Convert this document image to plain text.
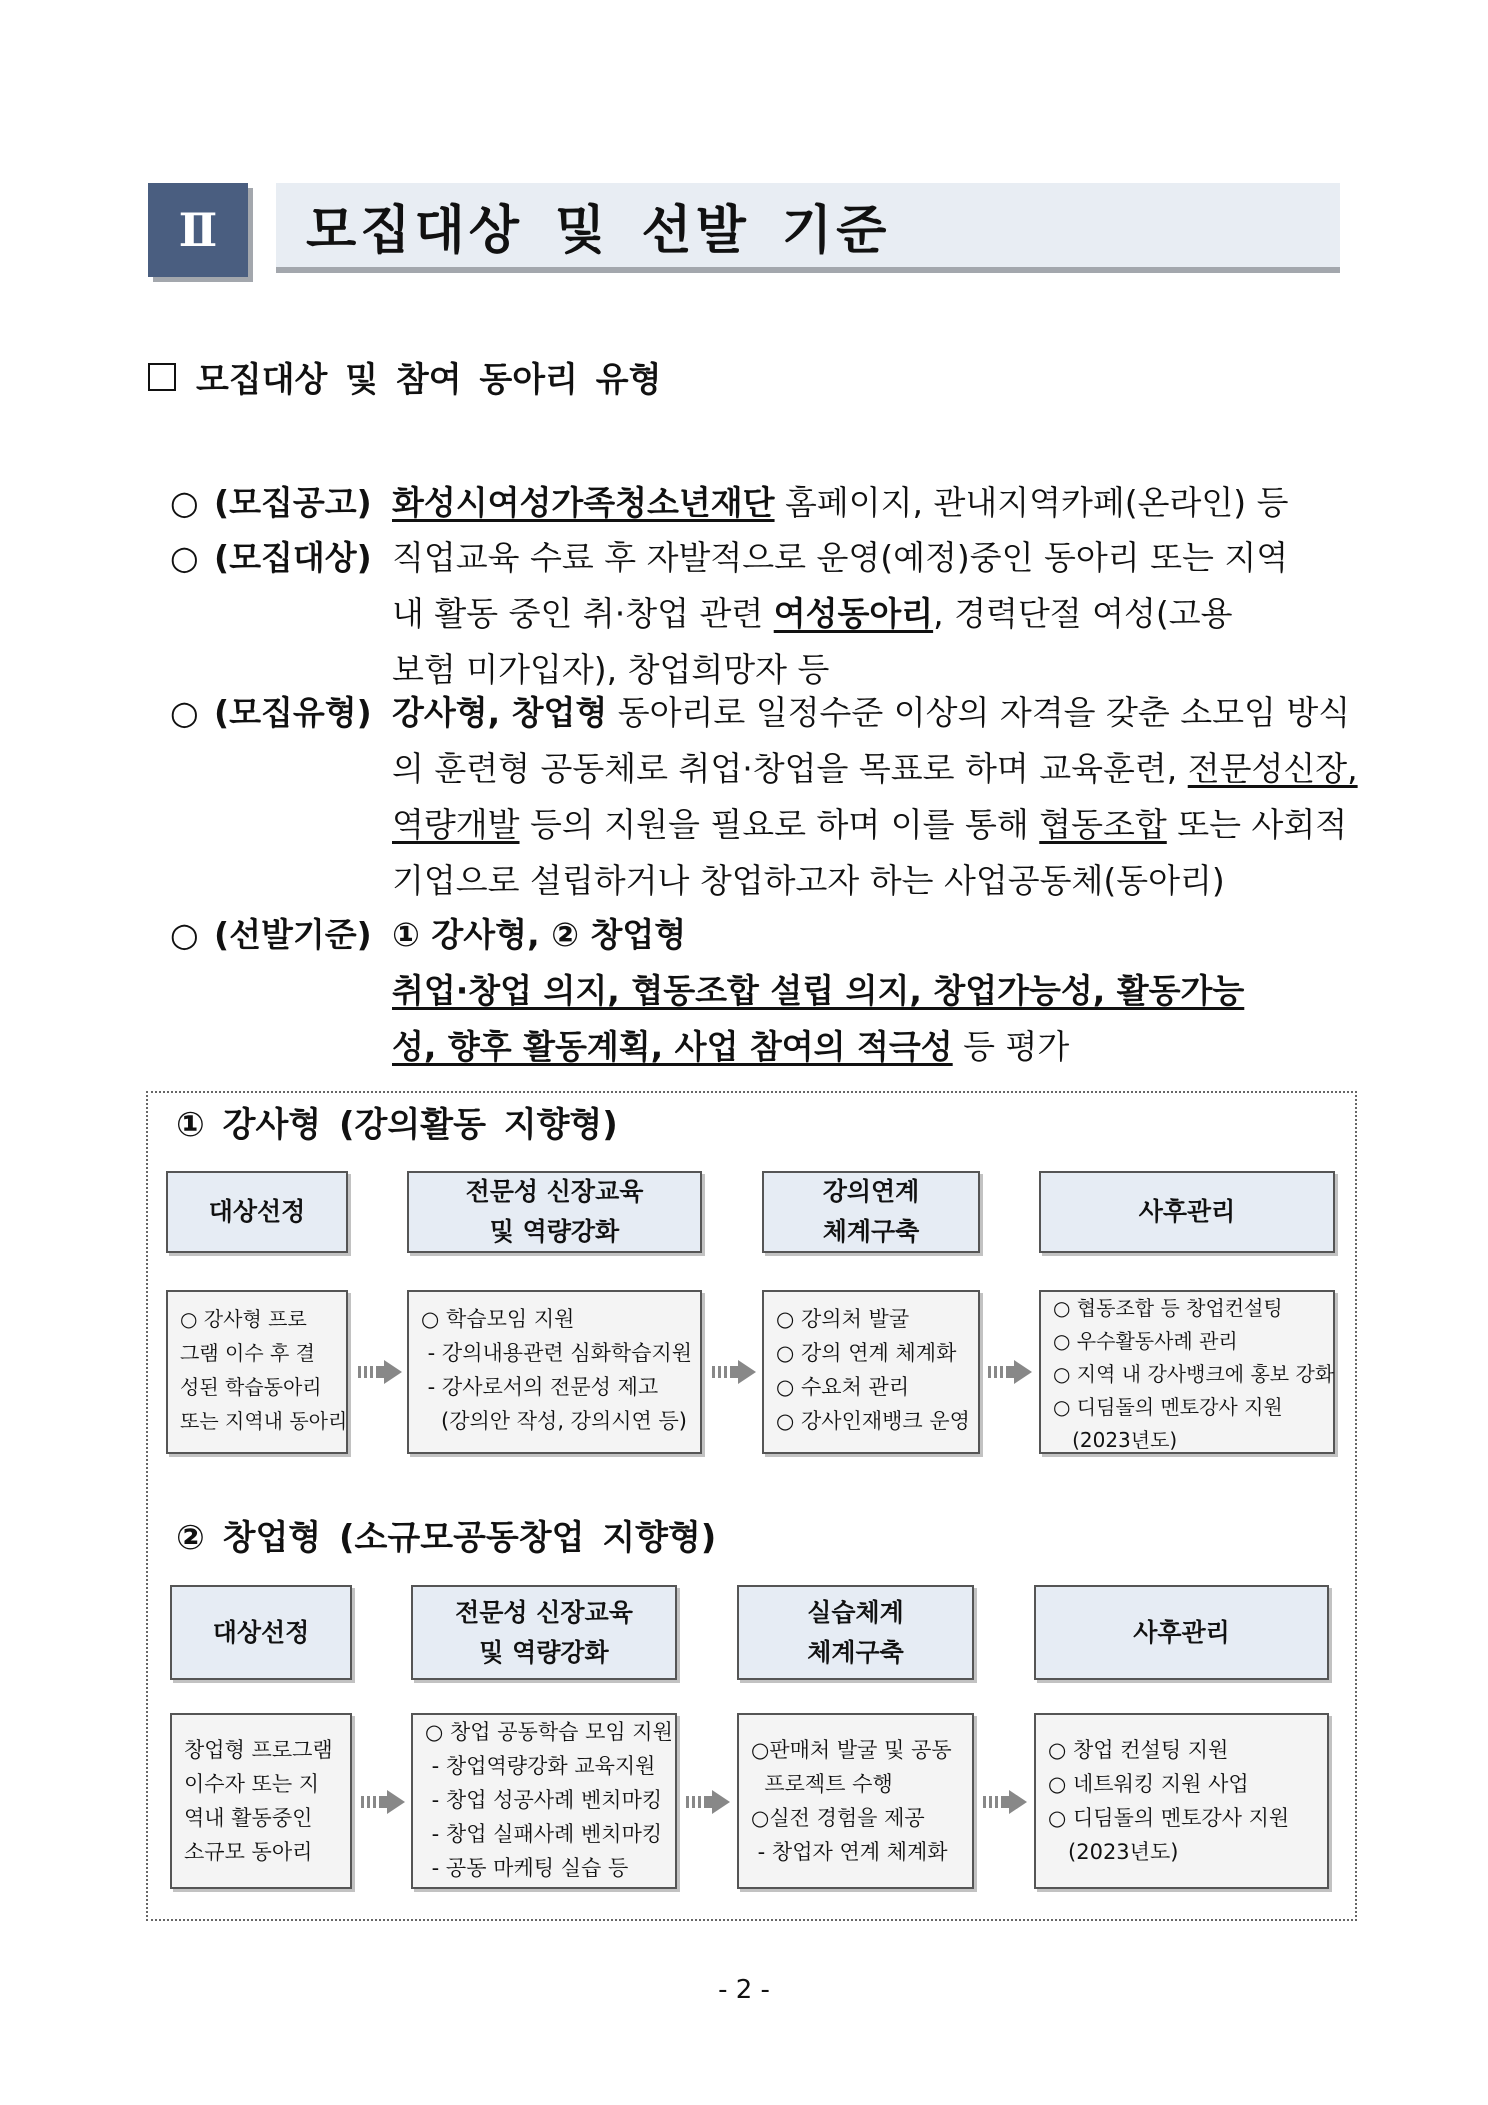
Ⅱ	모집대상 및 선발 기준
모집대상 및 참여 동아리 유형
○ (모집공고) 화성시여성가족청소년재단 홈페이지, 관내지역카페(온라인) 등
○ (모집대상) 직업교육 수료 후 자발적으로 운영(예정)중인 동아리 또는 지역
내 활동 중인 취·창업 관련 여성동아리, 경력단절 여성(고용
보험 미가입자), 창업희망자 등
○ (모집유형) 강사형, 창업형 동아리로 일정수준 이상의 자격을 갖춘 소모임 방식
의 훈련형 공동체로 취업·창업을 목표로 하며 교육훈련, 전문성신장,
역량개발 등의 지원을 필요로 하며 이를 통해 협동조합 또는 사회적
기업으로 설립하거나 창업하고자 하는 사업공동체(동아리)
○ (선발기준) ① 강사형, ② 창업형
취업·창업 의지, 협동조합 설립 의지, 창업가능성, 활동가능
성, 향후 활동계획, 사업 참여의 적극성 등 평가
① 강사형 (강의활동 지향형)
대상선정
전문성 신장교육
및 역량강화
강의연계
체계구축
사후관리

○ 강사형 프로

그램 이수 후 결

성된 학습동아리

또는 지역내 동아리

○ 학습모임 지원

- 강의내용관련 심화학습지원

- 강사로서의 전문성 제고

(강의안 작성, 강의시연 등)

○ 강의처 발굴

○ 강의 연계 체계화

○ 수요처 관리

○ 강사인재뱅크 운영

○ 협동조합 등 창업컨설팅

○ 우수활동사례 관리

○ 지역 내 강사뱅크에 홍보 강화

○ 디딤돌의 멘토강사 지원

(2023년도)

② 창업형 (소규모공동창업 지향형)
대상선정
전문성 신장교육
및 역량강화
실습체계
체계구축
사후관리

창업형 프로그램

이수자 또는 지

역내 활동중인

소규모 동아리

○ 창업 공동학습 모임 지원

- 창업역량강화 교육지원

- 창업 성공사례 벤치마킹

- 창업 실패사례 벤치마킹

- 공동 마케팅 실습 등

○판매처 발굴 및 공동

프로젝트 수행

○실전 경험을 제공

- 창업자 연계 체계화

○ 창업 컨설팅 지원

○ 네트워킹 지원 사업

○ 디딤돌의 멘토강사 지원

(2023년도)

- 2 -
